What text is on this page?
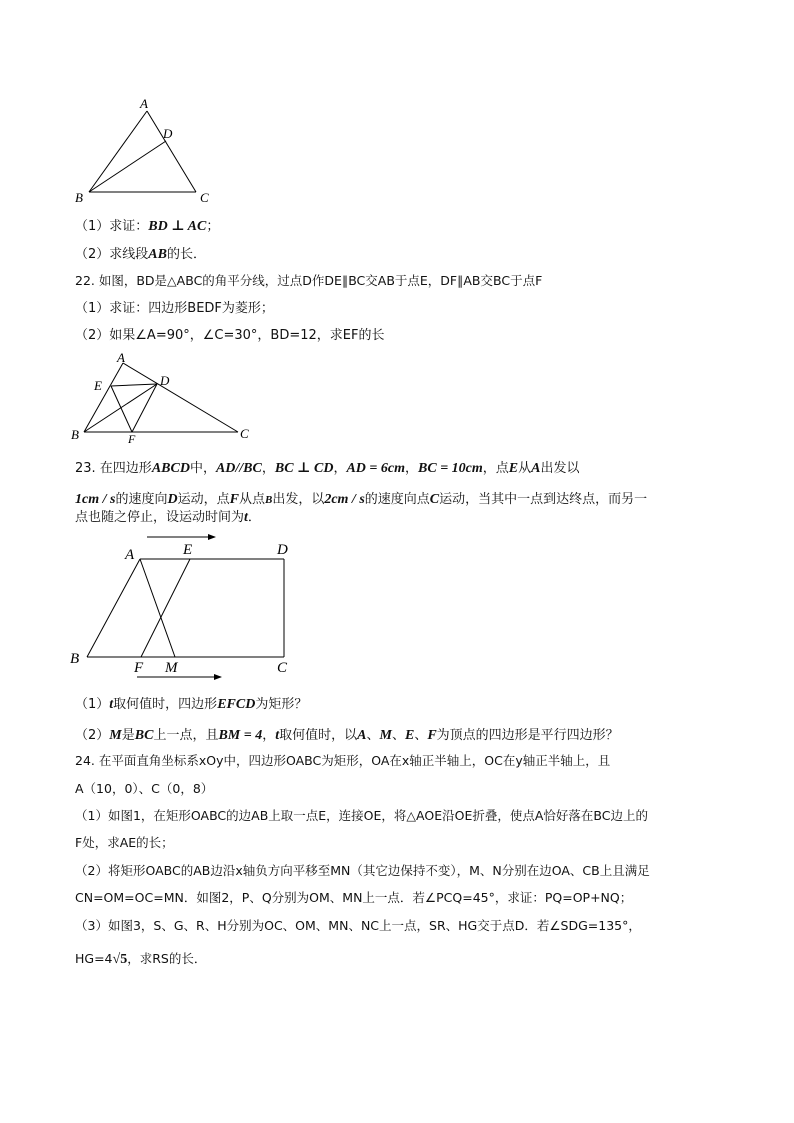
A
D
B	C
（1）求证：BD ⊥ AC；
（2）求线段AB的长．
22. 如图，BD是△ABC的角平分线，过点D作DE∥BC交AB于点E，DF∥AB交BC于点F
（1）求证：四边形BEDF为菱形；
（2）如果∠A=90°，∠C=30°，BD=12，求EF的长
A
E	D
B	F	C
23. 在四边形ABCD中，AD//BC，BC ⊥ CD，AD = 6cm，BC = 10cm，点E从A出发以
1cm / s的速度向D运动，点F从点B出发，以2cm / s的速度向点C运动，当其中一点到达终点，而另一
点也随之停止，设运动时间为t．
A	E	D
B
F M	C
（1）t取何值时，四边形EFCD为矩形？
（2）M是BC上一点，且BM = 4，t取何值时，以A、M、E、F为顶点的四边形是平行四边形？
24. 在平面直角坐标系xOy中，四边形OABC为矩形，OA在x轴正半轴上，OC在y轴正半轴上，且
A（10，0）、C（0，8）
（1）如图1，在矩形OABC的边AB上取一点E，连接OE，将△AOE沿OE折叠，使点A恰好落在BC边上的
F处，求AE的长；
（2）将矩形OABC的AB边沿x轴负方向平移至MN（其它边保持不变），M、N分别在边OA、CB上且满足
CN=OM=OC=MN．如图2，P、Q分别为OM、MN上一点．若∠PCQ=45°，求证：PQ=OP+NQ；
（3）如图3，S、G、R、H分别为OC、OM、MN、NC上一点，SR、HG交于点D．若∠SDG=135°，
HG=4√5，求RS的长．
